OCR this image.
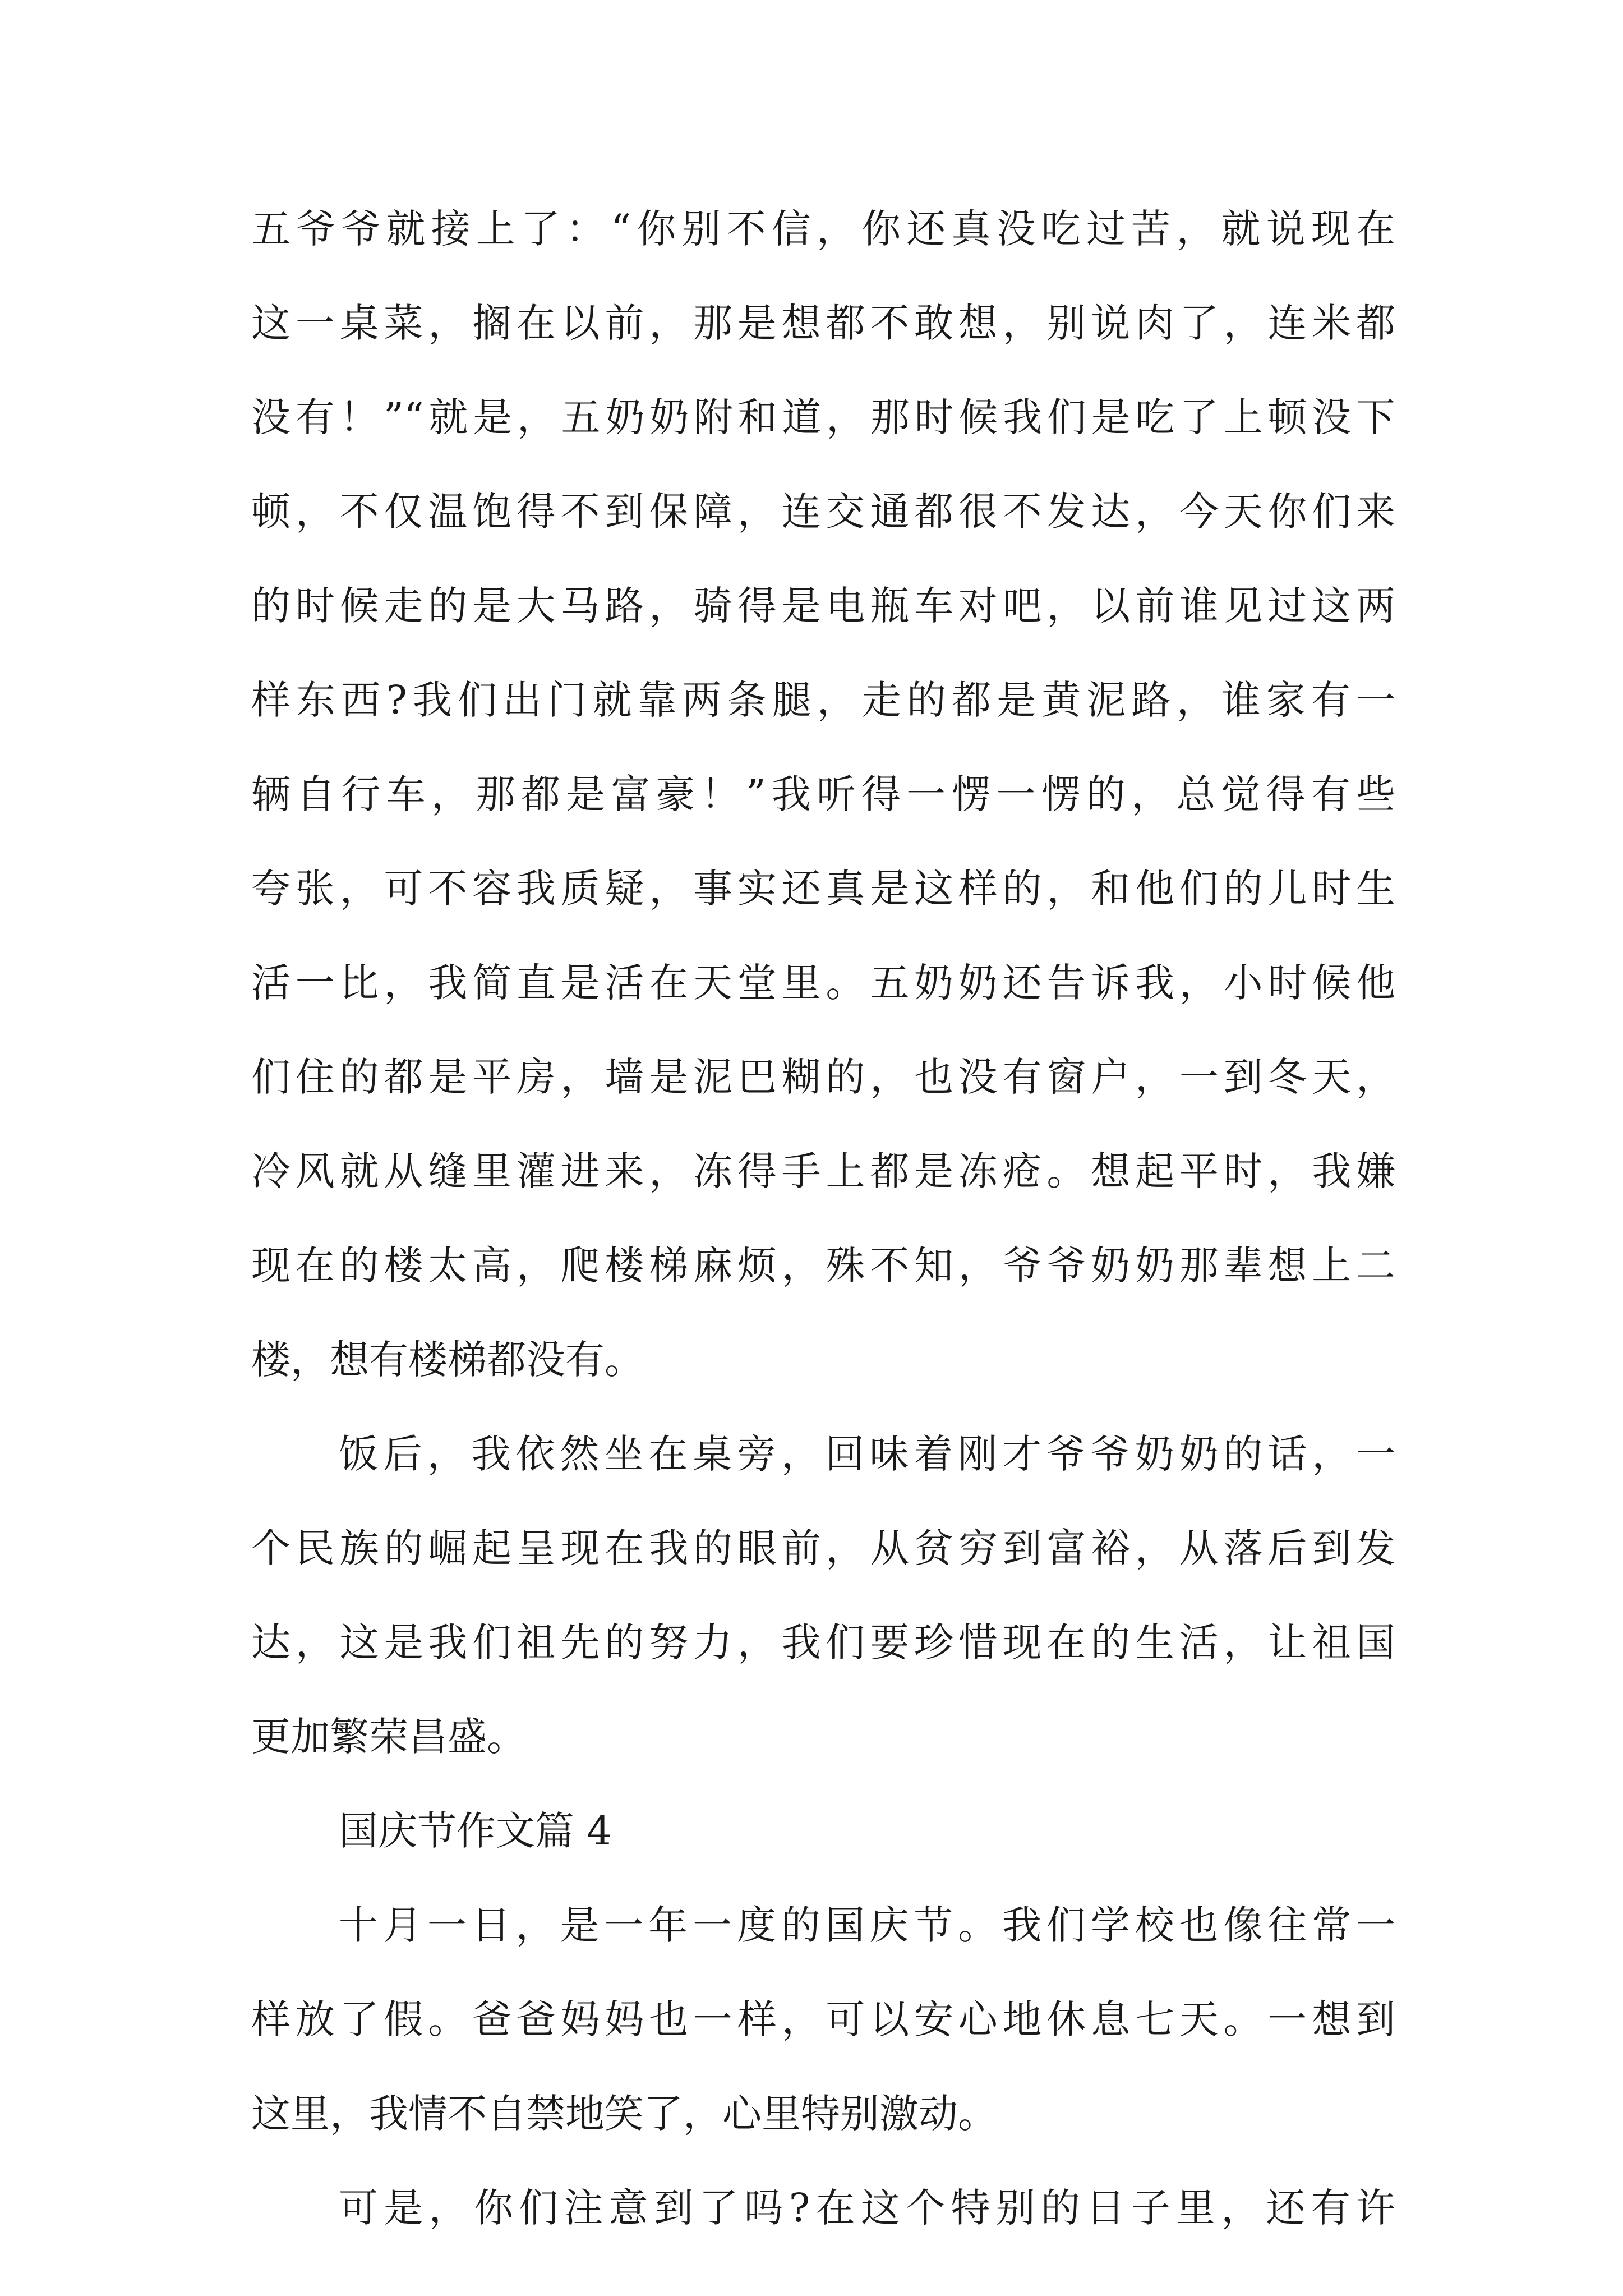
五爷爷就接上了：“你别不信，你还真没吃过苦，就说现在
这一桌菜，搁在以前，那是想都不敢想，别说肉了，连米都
没有！”“就是，五奶奶附和道，那时候我们是吃了上顿没下
顿，不仅温饱得不到保障，连交通都很不发达，今天你们来
的时候走的是大马路，骑得是电瓶车对吧，以前谁见过这两
样东西?我们出门就靠两条腿，走的都是黄泥路，谁家有一
辆自行车，那都是富豪！”我听得一愣一愣的，总觉得有些
夸张，可不容我质疑，事实还真是这样的，和他们的儿时生
活一比，我简直是活在天堂里。五奶奶还告诉我，小时候他
们住的都是平房，墙是泥巴糊的，也没有窗户，一到冬天，
冷风就从缝里灌进来，冻得手上都是冻疮。想起平时，我嫌
现在的楼太高，爬楼梯麻烦，殊不知，爷爷奶奶那辈想上二
楼，想有楼梯都没有。
饭后，我依然坐在桌旁，回味着刚才爷爷奶奶的话，一
个民族的崛起呈现在我的眼前，从贫穷到富裕，从落后到发
达，这是我们祖先的努力，我们要珍惜现在的生活，让祖国
更加繁荣昌盛。
国庆节作文篇 4
十月一日，是一年一度的国庆节。我们学校也像往常一
样放了假。爸爸妈妈也一样，可以安心地休息七天。一想到
这里，我情不自禁地笑了，心里特别激动。
可是，你们注意到了吗?在这个特别的日子里，还有许
